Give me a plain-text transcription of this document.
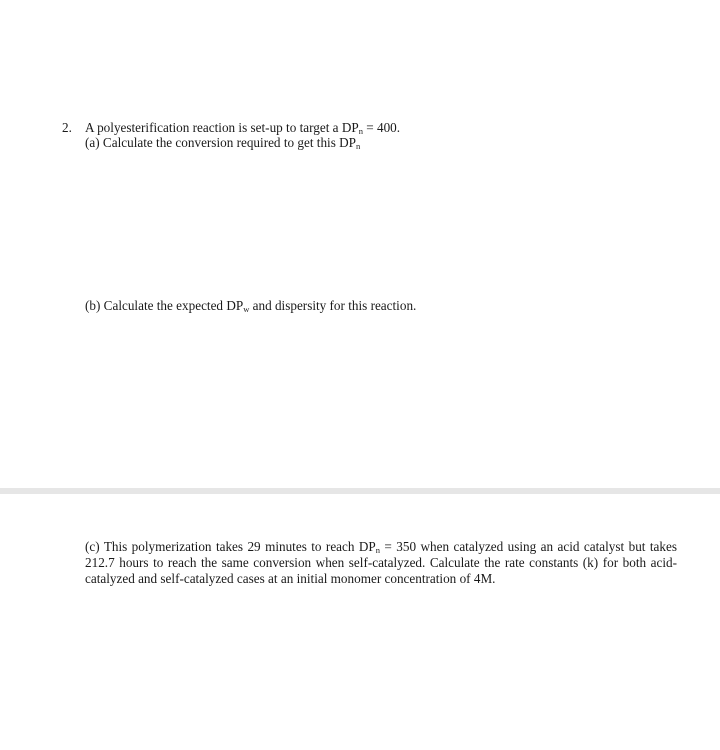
2. A polyesterification reaction is set-up to target a $DP_n = 400$.
(a) Calculate the conversion required to get this $DP_n$
(b) Calculate the expected $DP_w$ and dispersity for this reaction.
(c) This polymerization takes 29 minutes to reach $DP_n = 350$ when catalyzed using an acid catalyst but takes 212.7 hours to reach the same conversion when self-catalyzed. Calculate the rate constants (k) for both acid-catalyzed and self-catalyzed cases at an initial monomer concentration of 4M.
